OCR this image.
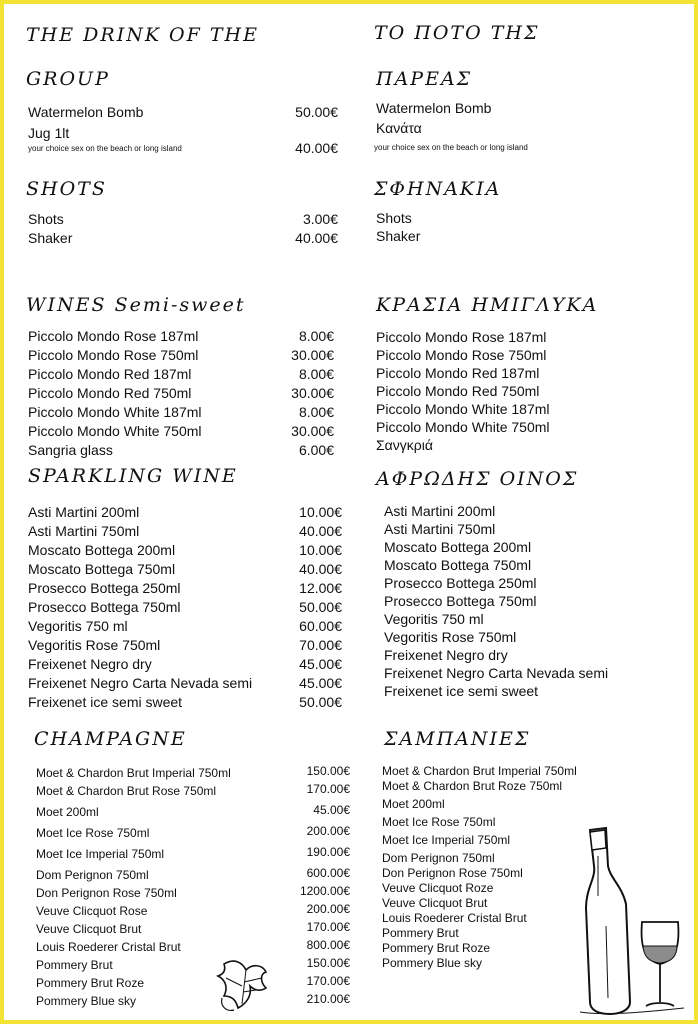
THE DRINK OF THE
GROUP
Watermelon Bomb	50.00€
Jug 1lt
your choice sex on the beach or long island	40.00€
SHOTS
Shots	3.00€
Shaker	40.00€
WINES Semi-sweet
Piccolo Mondo Rose 187ml	8.00€
Piccolo Mondo Rose 750ml	30.00€
Piccolo Mondo Red 187ml	8.00€
Piccolo Mondo Red 750ml	30.00€
Piccolo Mondo White 187ml	8.00€
Piccolo Mondo White 750ml	30.00€
Sangria glass	6.00€
SPARKLING WINE
Asti Martini 200ml	10.00€
Asti Martini 750ml	40.00€
Moscato Bottega 200ml	10.00€
Moscato Bottega 750ml	40.00€
Prosecco Bottega 250ml	12.00€
Prosecco Bottega 750ml	50.00€
Vegoritis 750 ml	60.00€
Vegoritis Rose 750ml	70.00€
Freixenet Negro dry	45.00€
Freixenet Negro Carta Nevada semi	45.00€
Freixenet ice semi sweet	50.00€
CHAMPAGNE
Moet & Chardon Brut Imperial 750ml	150.00€
Moet & Chardon Brut Rose 750ml	170.00€
Moet 200ml	45.00€
Moet Ice Rose 750ml	200.00€
Moet Ice Imperial 750ml	190.00€
Dom Perignon 750ml	600.00€
Don Perignon Rose 750ml	1200.00€
Veuve Clicquot Rose	200.00€
Veuve Clicquot Brut	170.00€
Louis Roederer Cristal Brut	800.00€
Pommery Brut	150.00€
Pommery Brut Roze	170.00€
Pommery Blue sky	210.00€
ΤΟ ΠΟΤΟ ΤΗΣ
ΠΑΡΕΑΣ
Watermelon Bomb
Κανάτα
your choice sex on the beach or long island
ΣΦΗΝΑΚΙΑ
Shots
Shaker
ΚΡΑΣΙΑ ΗΜΙΓΛΥΚΑ
Piccolo Mondo Rose 187ml
Piccolo Mondo Rose 750ml
Piccolo Mondo Red 187ml
Piccolo Mondo Red 750ml
Piccolo Mondo White 187ml
Piccolo Mondo White 750ml
Σανγκριά
ΑΦΡΩΔΗΣ ΟΙΝΟΣ
Asti Martini 200ml
Asti Martini 750ml
Moscato Bottega 200ml
Moscato Bottega 750ml
Prosecco Bottega 250ml
Prosecco Bottega 750ml
Vegoritis 750 ml
Vegoritis Rose 750ml
Freixenet Negro dry
Freixenet Negro Carta Nevada semi
Freixenet ice semi sweet
ΣΑΜΠΑΝΙΕΣ
Moet & Chardon Brut Imperial 750ml
Moet & Chardon Brut Roze 750ml
Moet 200ml
Moet Ice Rose 750ml
Moet Ice Imperial 750ml
Dom Perignon 750ml
Don Perignon Rose 750ml
Veuve Clicquot Roze
Veuve Clicquot Brut
Louis Roederer Cristal Brut
Pommery Brut
Pommery Brut Roze
Pommery Blue sky
